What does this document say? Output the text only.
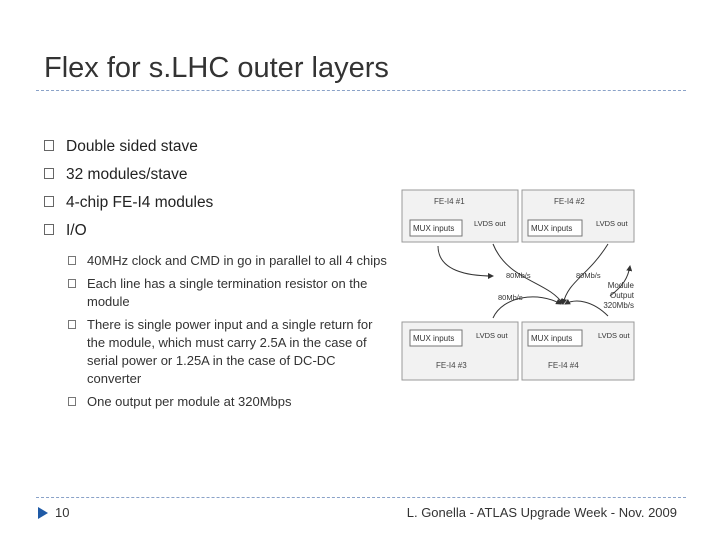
Flex for s.LHC outer layers
Double sided stave
32 modules/stave
4-chip FE-I4 modules
I/O
40MHz clock and CMD in go in parallel to all 4 chips
Each line has a single termination resistor on the module
There is single power input and a single return for the module, which must carry 2.5A in the case of serial power or 1.25A in the case of DC-DC converter
One output per module at 320Mbps
FE-I4 #1
MUX inputs
LVDS out
FE-I4 #2
MUX inputs
LVDS out
MUX inputs	LVDS out
FE-I4 #3
MUX inputs	LVDS out
FE-I4 #4
80Mb/s	80Mb/s
80Mb/s
Module
Output
320Mb/s
10	L. Gonella - ATLAS Upgrade Week - Nov. 2009
